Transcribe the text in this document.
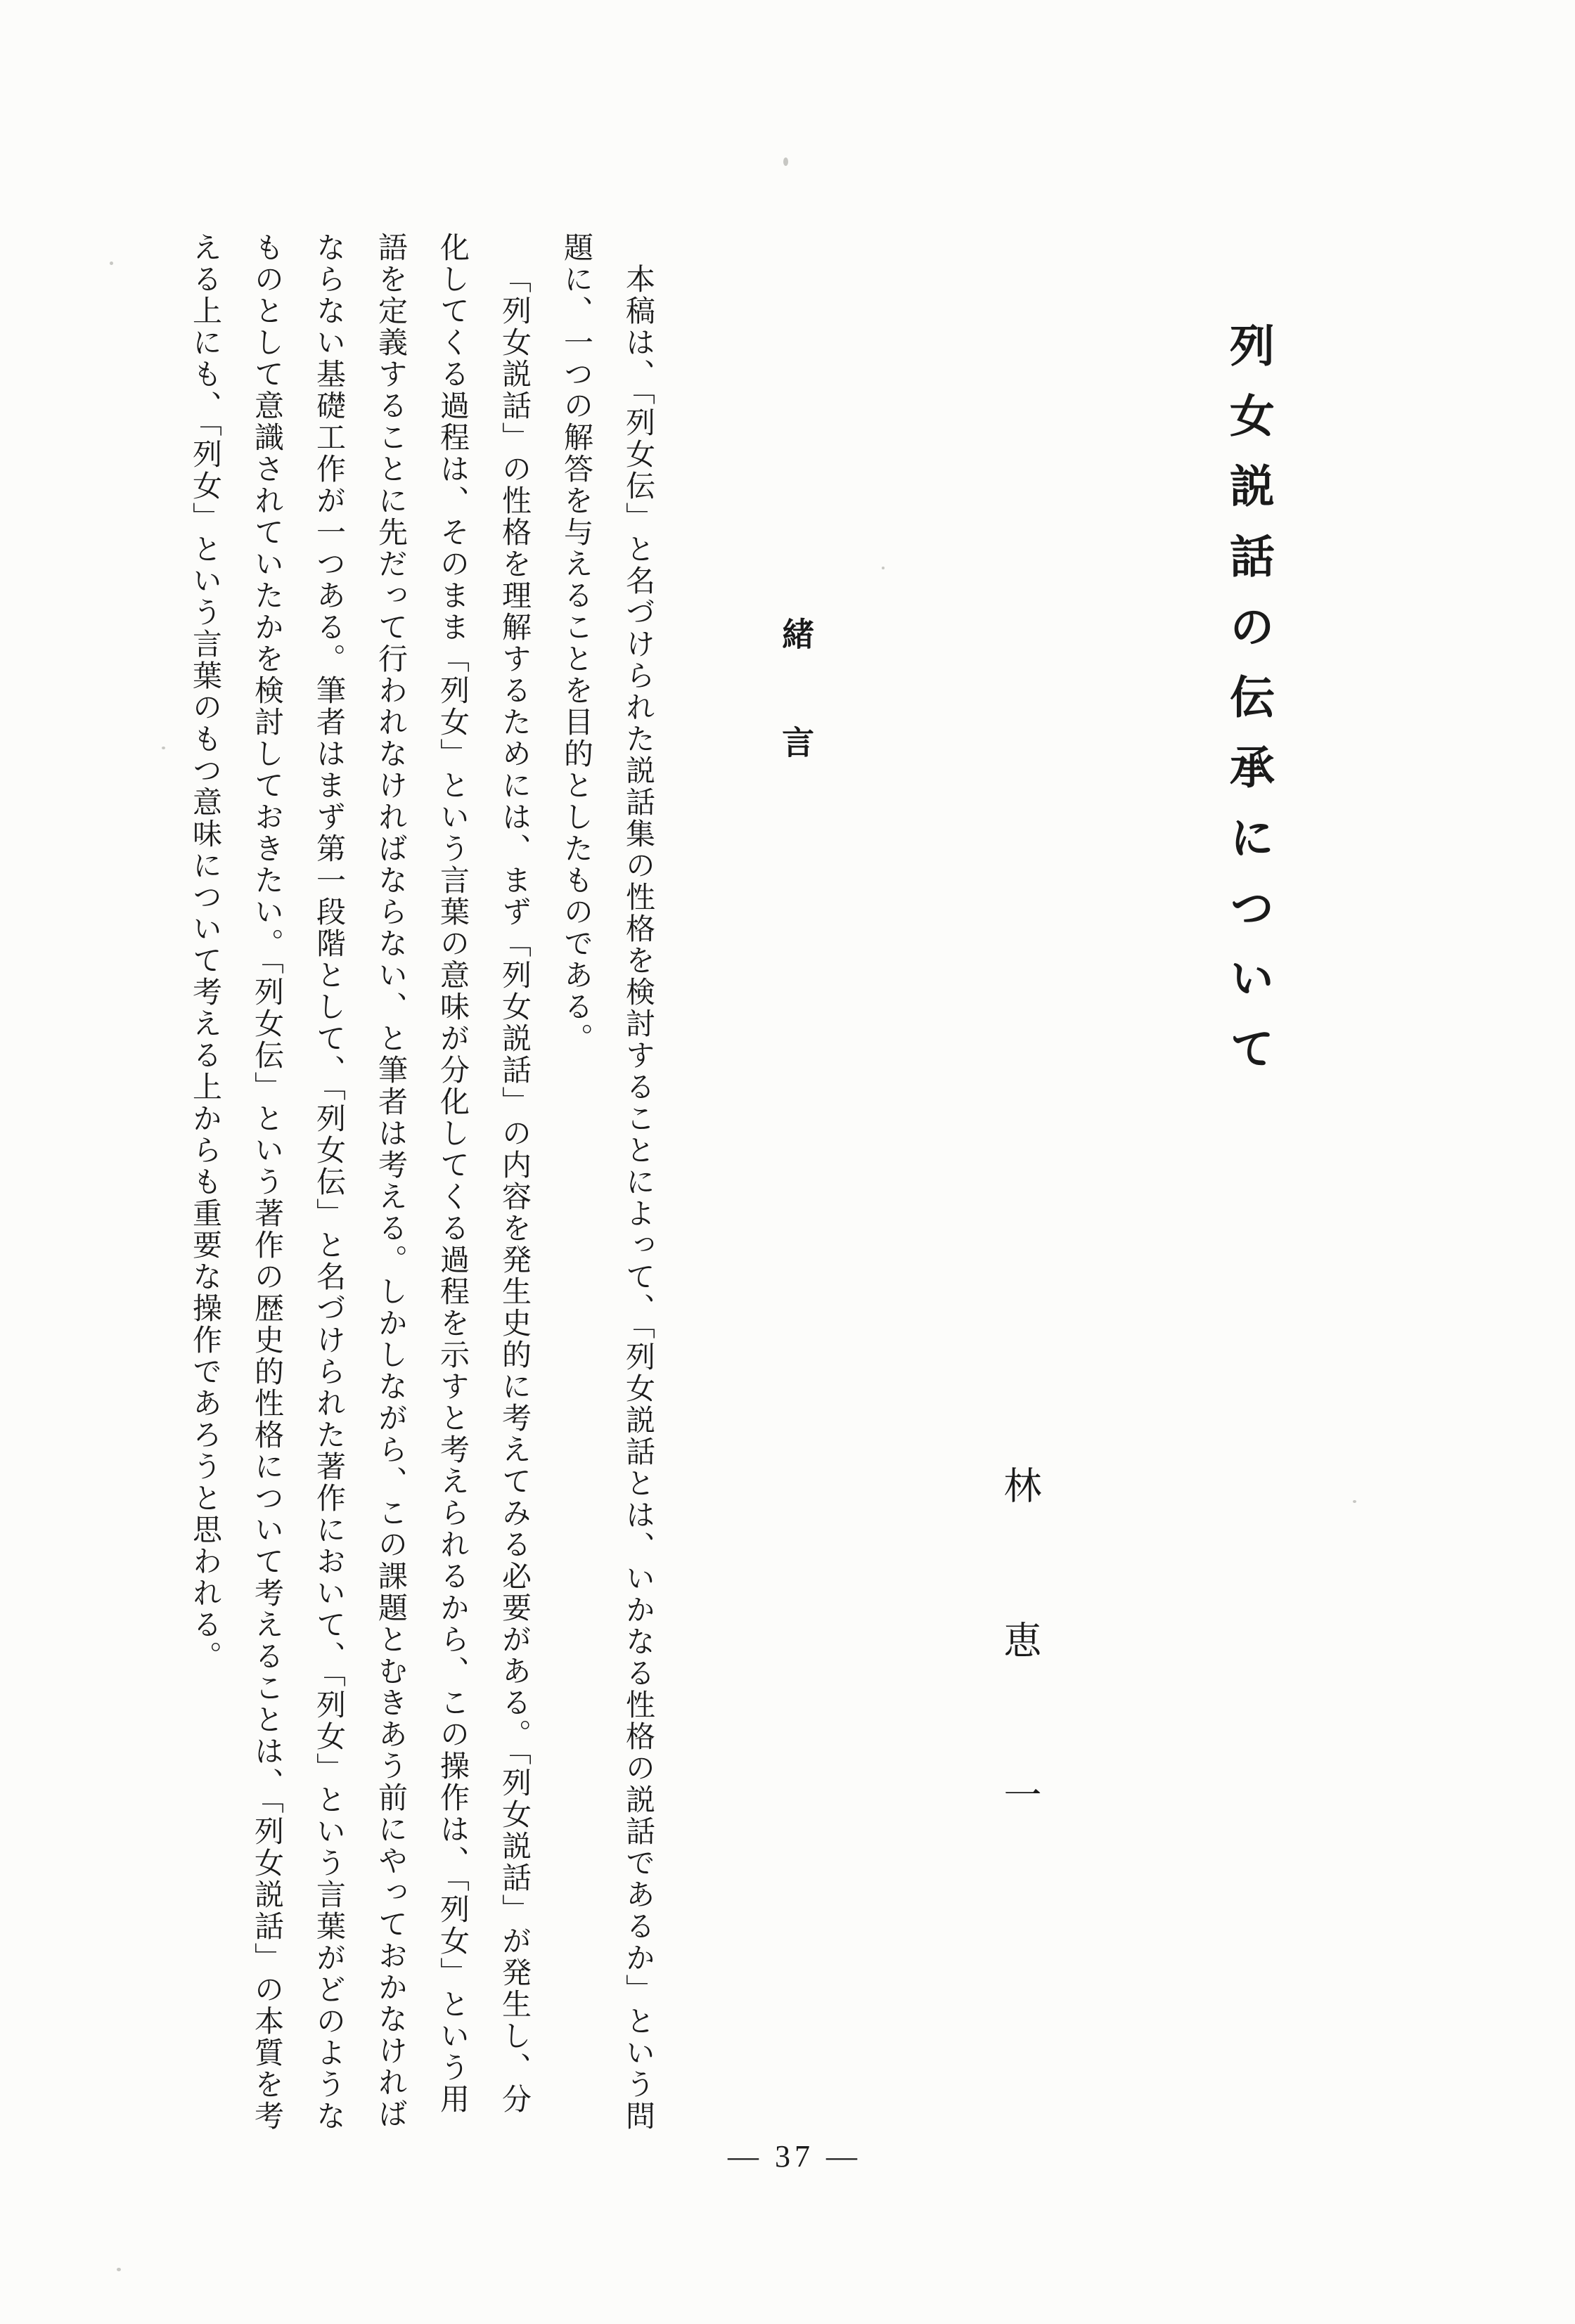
列女説話の伝承について
林　恵　一
緒言
本稿は、「列女伝」と名づけられた説話集の性格を検討することによって、「列女説話とは、いかなる性格の説話であるか」という問
題に、一つの解答を与えることを目的としたものである。
「列女説話」の性格を理解するためには、まず「列女説話」の内容を発生史的に考えてみる必要がある。「列女説話」が発生し、分
化してくる過程は、そのまま「列女」という言葉の意味が分化してくる過程を示すと考えられるから、この操作は、「列女」という用
語を定義することに先だって行われなければならない、と筆者は考える。しかしながら、この課題とむきあう前にやっておかなければ
ならない基礎工作が一つある。筆者はまず第一段階として、「列女伝」と名づけられた著作において、「列女」という言葉がどのような
ものとして意識されていたかを検討しておきたい。「列女伝」という著作の歴史的性格について考えることは、「列女説話」の本質を考
える上にも、「列女」という言葉のもつ意味について考える上からも重要な操作であろうと思われる。
— 37 —
